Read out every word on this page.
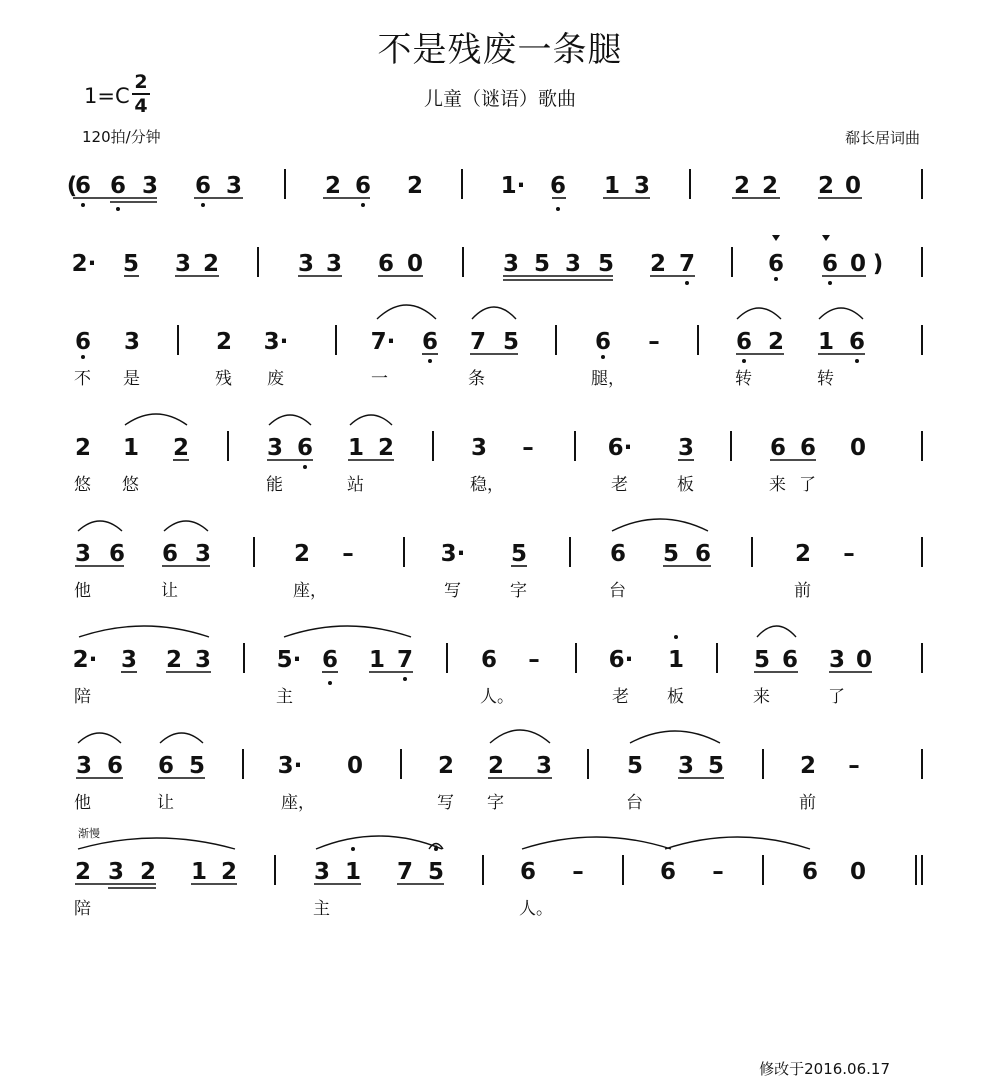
不是残废一条腿
儿童（谜语）歌曲
1=C
2
4
120拍/分钟	郗长居词曲
渐慢
修改于2016.06.17
(
6 6 3 6 3	2 6 2	1· 6 1 3	2 2 2 0
2· 5 3 2	3 3 6 0	3 5 3 5 2 7	6 6 0 )
6 3
不 是
2 3·
残 废
7· 6 7 5
一	条
6 –
腿，
6 2 1 6
转	转
2 1 2
悠 悠
3 6 1 2
能	站
3 –
稳，
6· 3
老	板
6 6 0
来 了
3 6 6 3
他	让
2 –
座，
3· 5
写	字
6 5 6
台
2 –
前
2· 3 2 3
陪
5· 6 1 7
主
6 –
人。
6· 1
老 板
5 6 3 0
来	了
3 6 6 5
他	让
3· 0
座，
2 2 3
写 字
5 3 5
台
2 –
前
2 3 2 1 2
陪
3 1 7 5
主
6 –
人。
6 –	6 0
